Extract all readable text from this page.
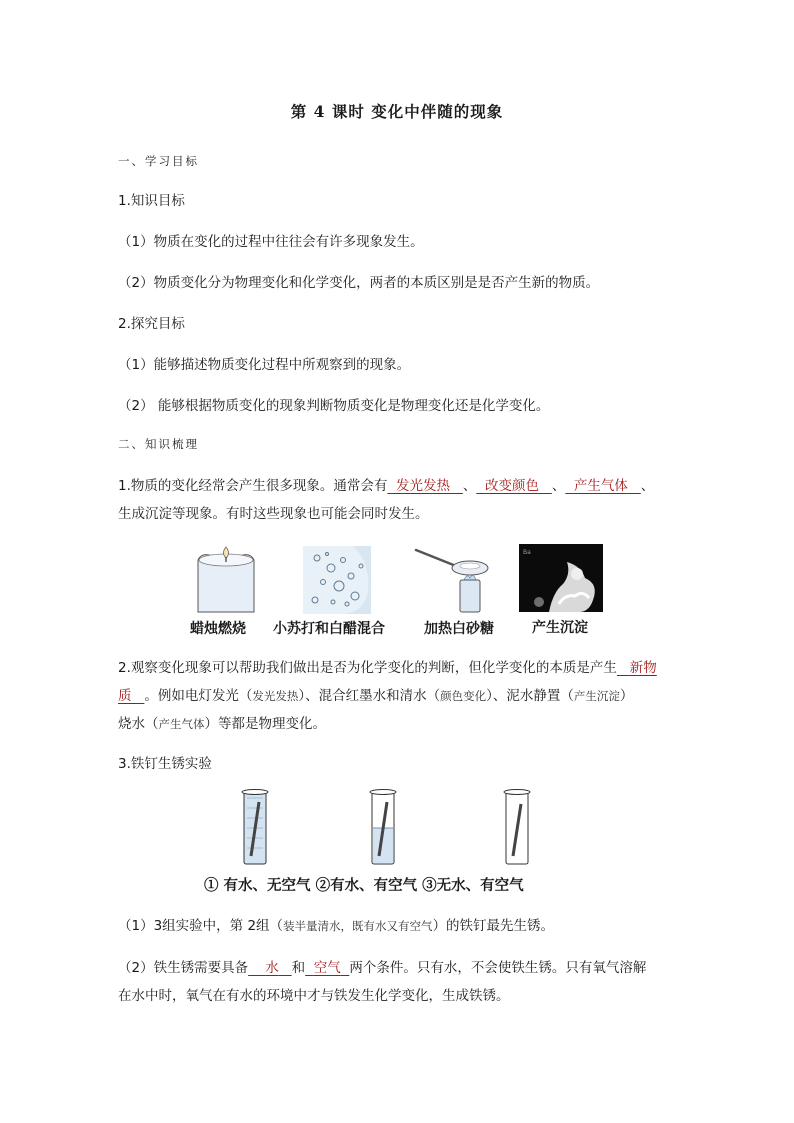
第 4 课时 变化中伴随的现象
一、学习目标
1.知识目标
（1）物质在变化的过程中往往会有许多现象发生。
（2）物质变化分为物理变化和化学变化，两者的本质区别是是否产生新的物质。
2.探究目标
（1）能够描述物质变化过程中所观察到的现象。
（2） 能够根据物质变化的现象判断物质变化是物理变化还是化学变化。
二、知识梳理
1.物质的变化经常会产生很多现象。通常会有 发光发热 、 改变颜色 、 产生气体 、
生成沉淀等现象。有时这些现象也可能会同时发生。
Ba
蜡烛燃烧 小苏打和白醋混合	加热白砂糖	产生沉淀
2.观察变化现象可以帮助我们做出是否为化学变化的判断，但化学变化的本质是产生 新物
质 。例如电灯发光（发光发热）、混合红墨水和清水（颜色变化）、泥水静置（产生沉淀）
烧水（产生气体）等都是物理变化。
3.铁钉生锈实验
① 有水、无空气 ②有水、有空气 ③无水、有空气
（1）3组实验中，第 2组（装半量清水，既有水又有空气）的铁钉最先生锈。
（2）铁生锈需要具备 水 和 空气 两个条件。只有水，不会使铁生锈。只有氧气溶解
在水中时，氧气在有水的环境中才与铁发生化学变化，生成铁锈。
